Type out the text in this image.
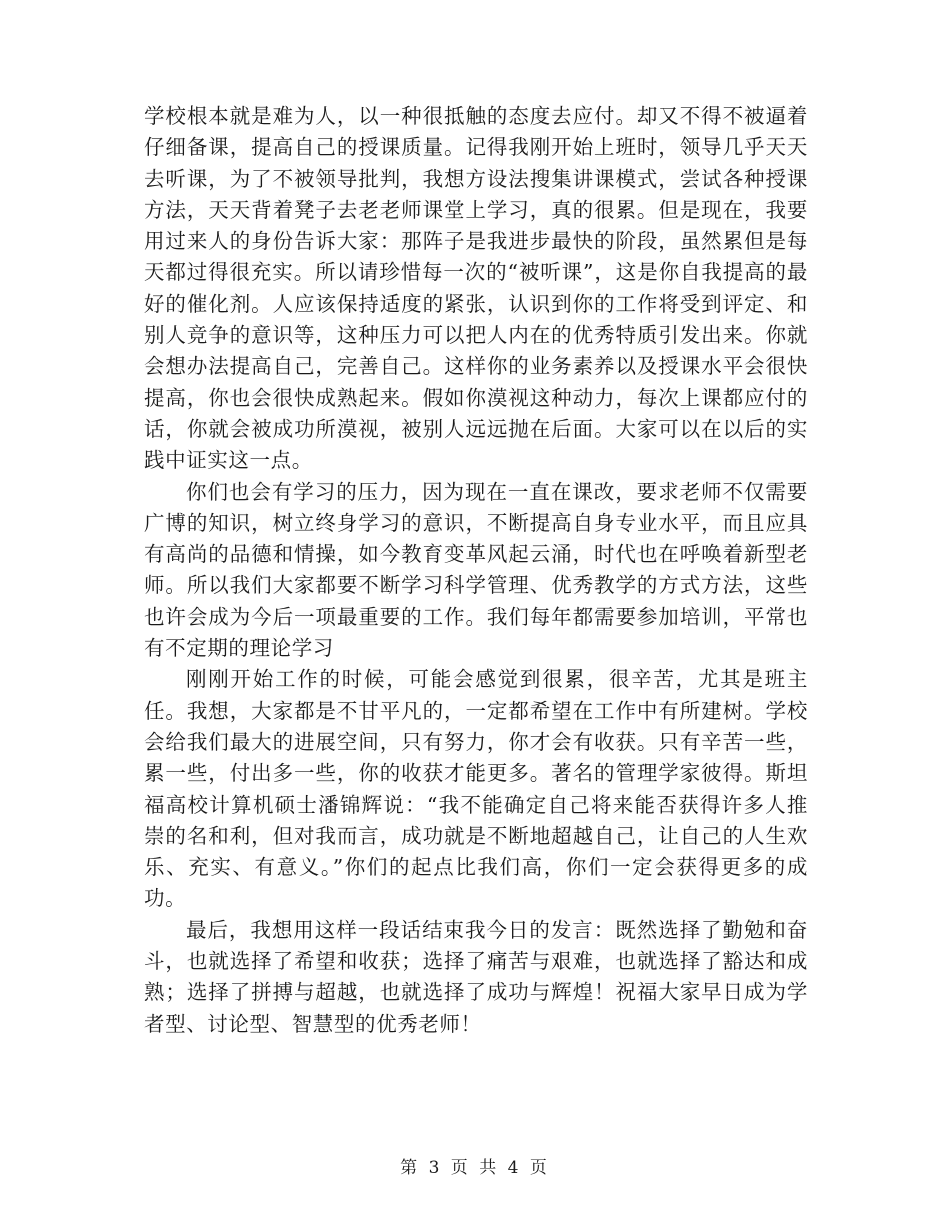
学校根本就是难为人，以一种很抵触的态度去应付。却又不得不被逼着仔细备课，提高自己的授课质量。记得我刚开始上班时，领导几乎天天去听课，为了不被领导批判，我想方设法搜集讲课模式，尝试各种授课方法，天天背着凳子去老老师课堂上学习，真的很累。但是现在，我要用过来人的身份告诉大家：那阵子是我进步最快的阶段，虽然累但是每天都过得很充实。所以请珍惜每一次的“被听课”，这是你自我提高的最好的催化剂。人应该保持适度的紧张，认识到你的工作将受到评定、和别人竞争的意识等，这种压力可以把人内在的优秀特质引发出来。你就会想办法提高自己，完善自己。这样你的业务素养以及授课水平会很快提高，你也会很快成熟起来。假如你漠视这种动力，每次上课都应付的话，你就会被成功所漠视，被别人远远抛在后面。大家可以在以后的实践中证实这一点。

你们也会有学习的压力，因为现在一直在课改，要求老师不仅需要广博的知识，树立终身学习的意识，不断提高自身专业水平，而且应具有高尚的品德和情操，如今教育变革风起云涌，时代也在呼唤着新型老师。所以我们大家都要不断学习科学管理、优秀教学的方式方法，这些也许会成为今后一项最重要的工作。我们每年都需要参加培训，平常也有不定期的理论学习

刚刚开始工作的时候，可能会感觉到很累，很辛苦，尤其是班主任。我想，大家都是不甘平凡的，一定都希望在工作中有所建树。学校会给我们最大的进展空间，只有努力，你才会有收获。只有辛苦一些，累一些，付出多一些，你的收获才能更多。著名的管理学家彼得。斯坦福高校计算机硕士潘锦辉说：“我不能确定自己将来能否获得许多人推崇的名和利，但对我而言，成功就是不断地超越自己，让自己的人生欢乐、充实、有意义。”你们的起点比我们高，你们一定会获得更多的成功。

最后，我想用这样一段话结束我今日的发言：既然选择了勤勉和奋斗，也就选择了希望和收获；选择了痛苦与艰难，也就选择了豁达和成熟；选择了拼搏与超越，也就选择了成功与辉煌！祝福大家早日成为学者型、讨论型、智慧型的优秀老师！

第 3 页 共 4 页
